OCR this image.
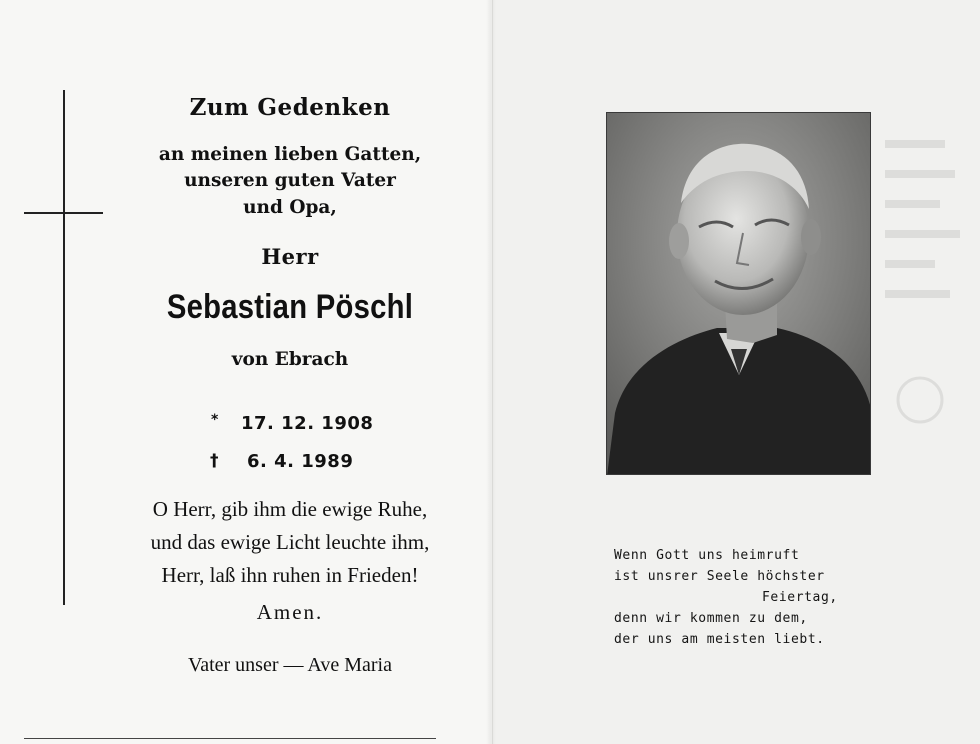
Zum Gedenken
an meinen lieben Gatten,
unseren guten Vater
und Opa,
Herr
Sebastian Pöschl
von Ebrach
O Herr, gib ihm die ewige Ruhe,
und das ewige Licht leuchte ihm,
Herr, laß ihn ruhen in Frieden!
Amen.
Vater unser — Ave Maria
* 17. 12. 1908
† 6. 4. 1989
Wenn Gott uns heimruft
ist unsrer Seele höchster
Feiertag,
denn wir kommen zu dem,
der uns am meisten liebt.
